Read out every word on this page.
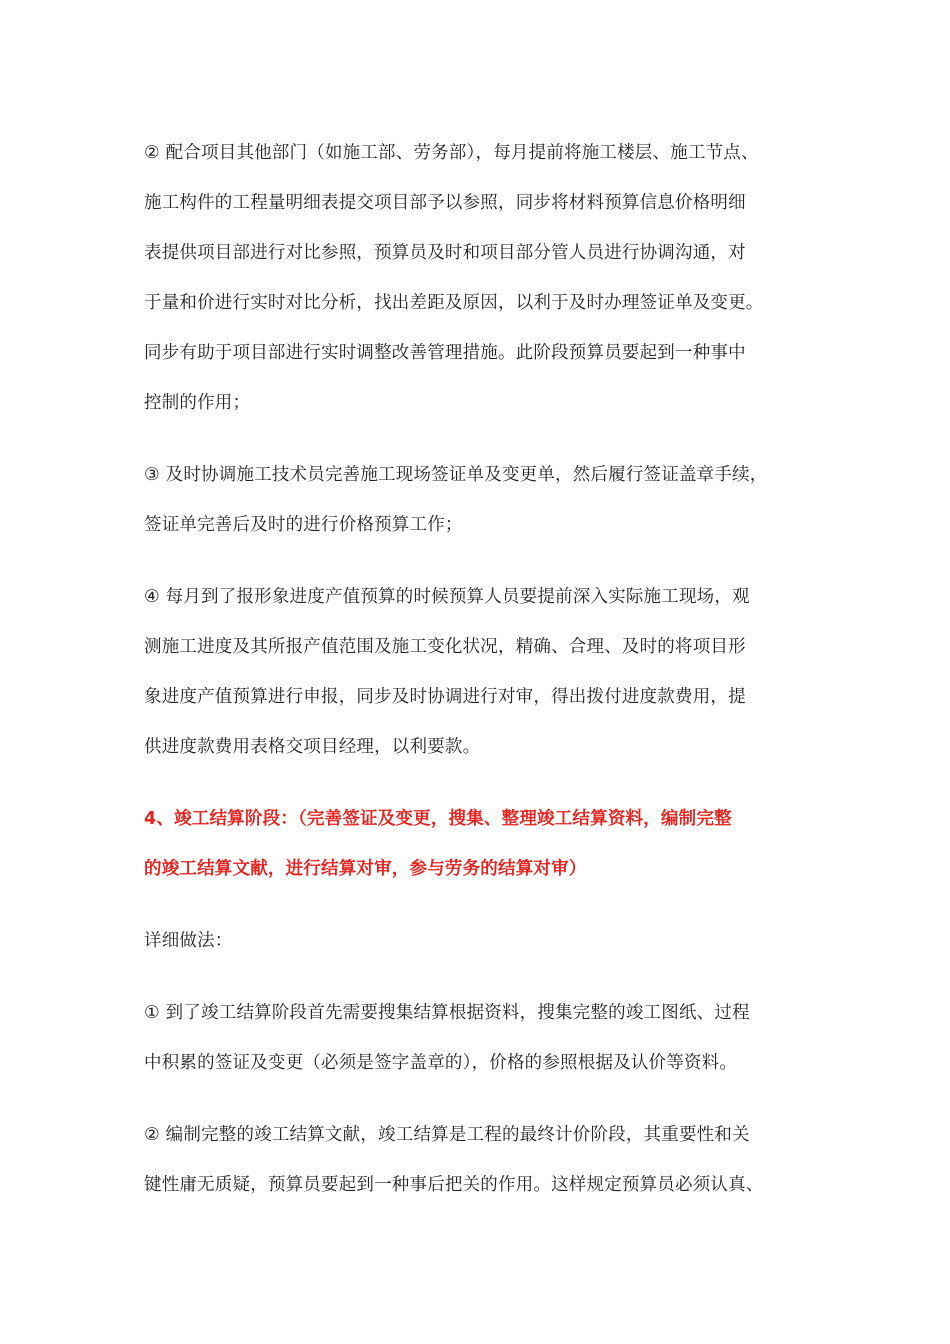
② 配合项目其他部门（如施工部、劳务部），每月提前将施工楼层、施工节点、
施工构件的工程量明细表提交项目部予以参照，同步将材料预算信息价格明细
表提供项目部进行对比参照，预算员及时和项目部分管人员进行协调沟通，对
于量和价进行实时对比分析，找出差距及原因，以利于及时办理签证单及变更。
同步有助于项目部进行实时调整改善管理措施。此阶段预算员要起到一种事中
控制的作用；
③ 及时协调施工技术员完善施工现场签证单及变更单，然后履行签证盖章手续，
签证单完善后及时的进行价格预算工作；
④ 每月到了报形象进度产值预算的时候预算人员要提前深入实际施工现场，观
测施工进度及其所报产值范围及施工变化状况，精确、合理、及时的将项目形
象进度产值预算进行申报，同步及时协调进行对审，得出拨付进度款费用，提
供进度款费用表格交项目经理，以利要款。
4、竣工结算阶段：（完善签证及变更，搜集、整理竣工结算资料，编制完整
的竣工结算文献，进行结算对审，参与劳务的结算对审）
详细做法：
① 到了竣工结算阶段首先需要搜集结算根据资料，搜集完整的竣工图纸、过程
中积累的签证及变更（必须是签字盖章的），价格的参照根据及认价等资料。
② 编制完整的竣工结算文献，竣工结算是工程的最终计价阶段，其重要性和关
键性庸无质疑，预算员要起到一种事后把关的作用。这样规定预算员必须认真、
